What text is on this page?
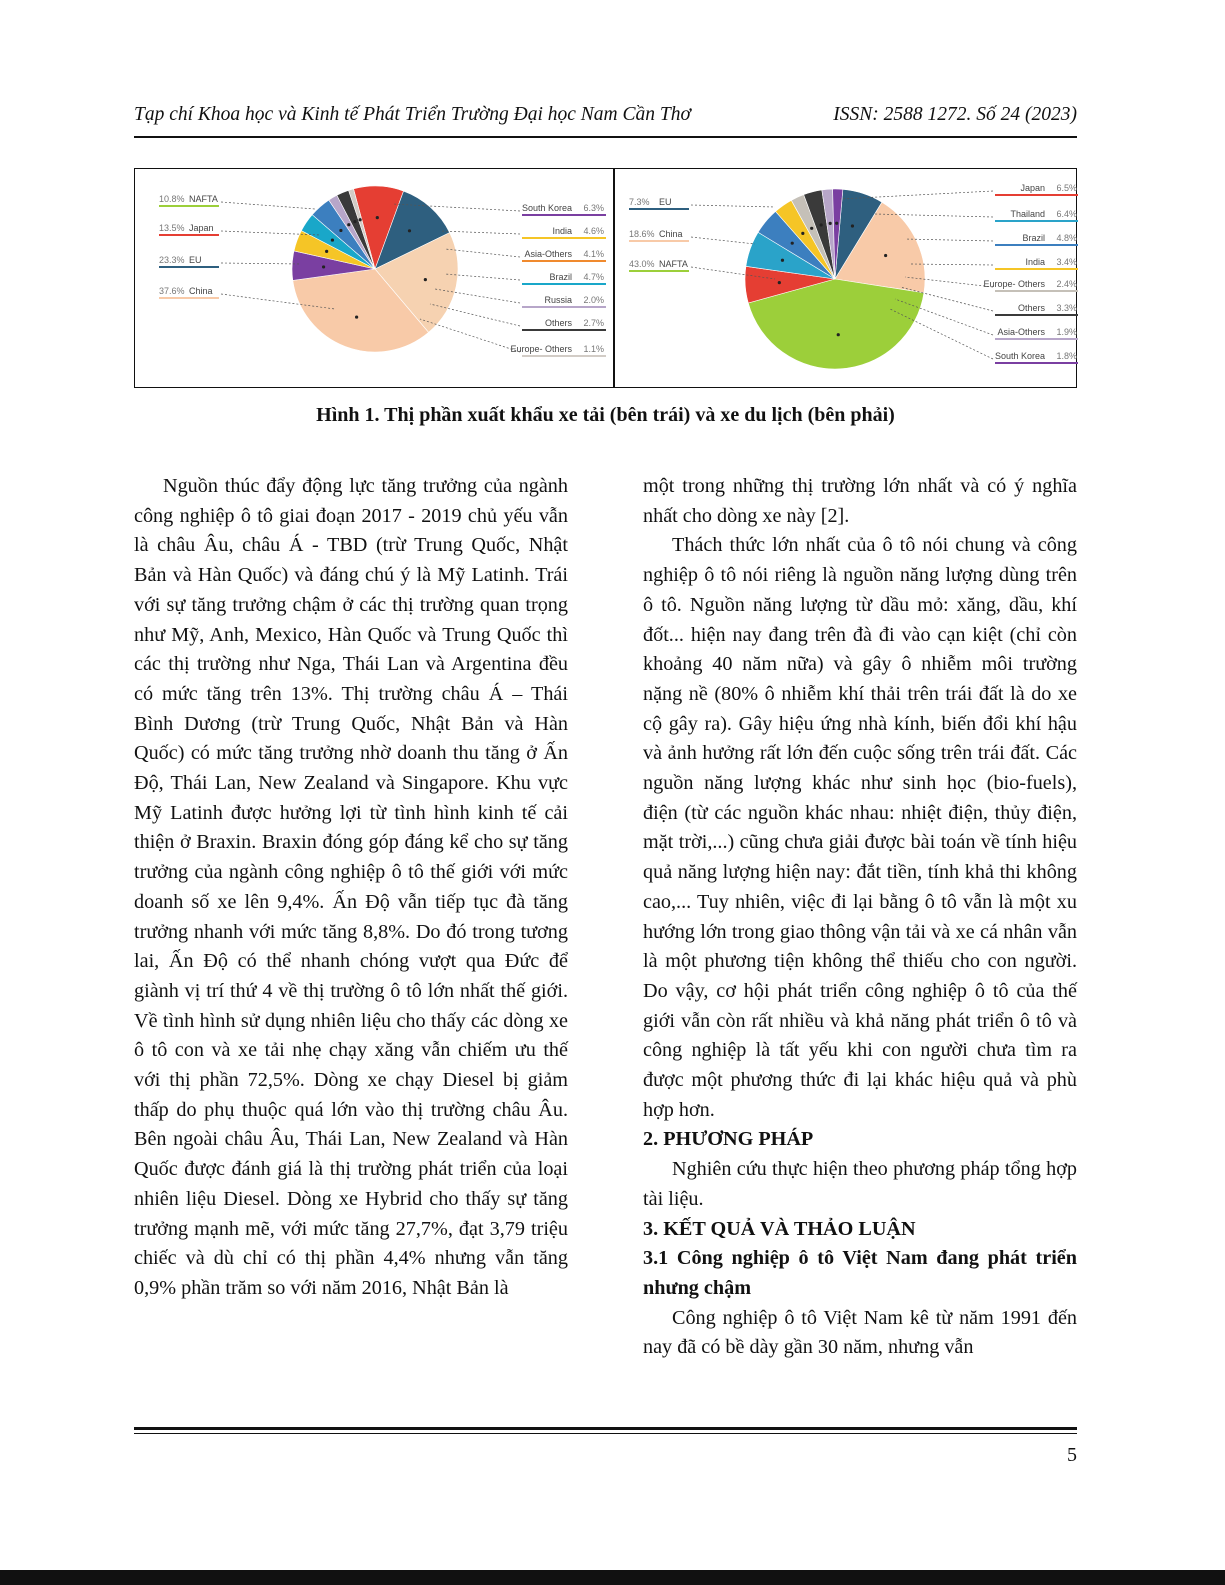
Tạp chí Khoa học và Kinh tế Phát Triển Trường Đại học Nam Cần Thơ	ISSN: 2588 1272. Số 24 (2023)
10.8% NAFTA
13.5% Japan
23.3% EU
37.6% China
South Korea 6.3%
India 4.6%
Asia-Others 4.1%
Brazil 4.7%
Russia 2.0%
Others 2.7%
Europe- Others 1.1%
7.3% EU
18.6% China
43.0% NAFTA
Japan 6.5%
Thailand 6.4%
Brazil 4.8%
India 3.4%
Europe- Others 2.4%
Others 3.3%
Asia-Others 1.9%
South Korea 1.8%
Hình 1. Thị phần xuất khẩu xe tải (bên trái) và xe du lịch (bên phải)

Nguồn thúc đẩy động lực tăng trưởng của ngành công nghiệp ô tô giai đoạn 2017 - 2019 chủ yếu vẫn là châu Âu, châu Á - TBD (trừ Trung Quốc, Nhật Bản và Hàn Quốc) và đáng chú ý là Mỹ Latinh. Trái với sự tăng trưởng chậm ở các thị trường quan trọng như Mỹ, Anh, Mexico, Hàn Quốc và Trung Quốc thì các thị trường như Nga, Thái Lan và Argentina đều có mức tăng trên 13%. Thị trường châu Á – Thái Bình Dương (trừ Trung Quốc, Nhật Bản và Hàn Quốc) có mức tăng trưởng nhờ doanh thu tăng ở Ấn Độ, Thái Lan, New Zealand và Singapore. Khu vực Mỹ Latinh được hưởng lợi từ tình hình kinh tế cải thiện ở Braxin. Braxin đóng góp đáng kể cho sự tăng trưởng của ngành công nghiệp ô tô thế giới với mức doanh số xe lên 9,4%. Ấn Độ vẫn tiếp tục đà tăng trưởng nhanh với mức tăng 8,8%. Do đó trong tương lai, Ấn Độ có thể nhanh chóng vượt qua Đức để giành vị trí thứ 4 về thị trường ô tô lớn nhất thế giới. Về tình hình sử dụng nhiên liệu cho thấy các dòng xe ô tô con và xe tải nhẹ chạy xăng vẫn chiếm ưu thế với thị phần 72,5%. Dòng xe chạy Diesel bị giảm thấp do phụ thuộc quá lớn vào thị trường châu Âu. Bên ngoài châu Âu, Thái Lan, New Zealand và Hàn Quốc được đánh giá là thị trường phát triển của loại nhiên liệu Diesel. Dòng xe Hybrid cho thấy sự tăng trưởng mạnh mẽ, với mức tăng 27,7%, đạt 3,79 triệu chiếc và dù chỉ có thị phần 4,4% nhưng vẫn tăng 0,9% phần trăm so với năm 2016, Nhật Bản là

một trong những thị trường lớn nhất và có ý nghĩa nhất cho dòng xe này [2].

Thách thức lớn nhất của ô tô nói chung và công nghiệp ô tô nói riêng là nguồn năng lượng dùng trên ô tô. Nguồn năng lượng từ dầu mỏ: xăng, dầu, khí đốt... hiện nay đang trên đà đi vào cạn kiệt (chỉ còn khoảng 40 năm nữa) và gây ô nhiễm môi trường nặng nề (80% ô nhiễm khí thải trên trái đất là do xe cộ gây ra). Gây hiệu ứng nhà kính, biến đổi khí hậu và ảnh hưởng rất lớn đến cuộc sống trên trái đất. Các nguồn năng lượng khác như sinh học (bio-fuels), điện (từ các nguồn khác nhau: nhiệt điện, thủy điện, mặt trời,...) cũng chưa giải được bài toán về tính hiệu quả năng lượng hiện nay: đắt tiền, tính khả thi không cao,... Tuy nhiên, việc đi lại bằng ô tô vẫn là một xu hướng lớn trong giao thông vận tải và xe cá nhân vẫn là một phương tiện không thể thiếu cho con người. Do vậy, cơ hội phát triển công nghiệp ô tô của thế giới vẫn còn rất nhiều và khả năng phát triển ô tô và công nghiệp là tất yếu khi con người chưa tìm ra được một phương thức đi lại khác hiệu quả và phù hợp hơn.

2. PHƯƠNG PHÁP

Nghiên cứu thực hiện theo phương pháp tổng hợp tài liệu.

3. KẾT QUẢ VÀ THẢO LUẬN
3.1 Công nghiệp ô tô Việt Nam đang phát triển nhưng chậm

Công nghiệp ô tô Việt Nam kê từ năm 1991 đến nay đã có bề dày gần 30 năm, nhưng vẫn

5
